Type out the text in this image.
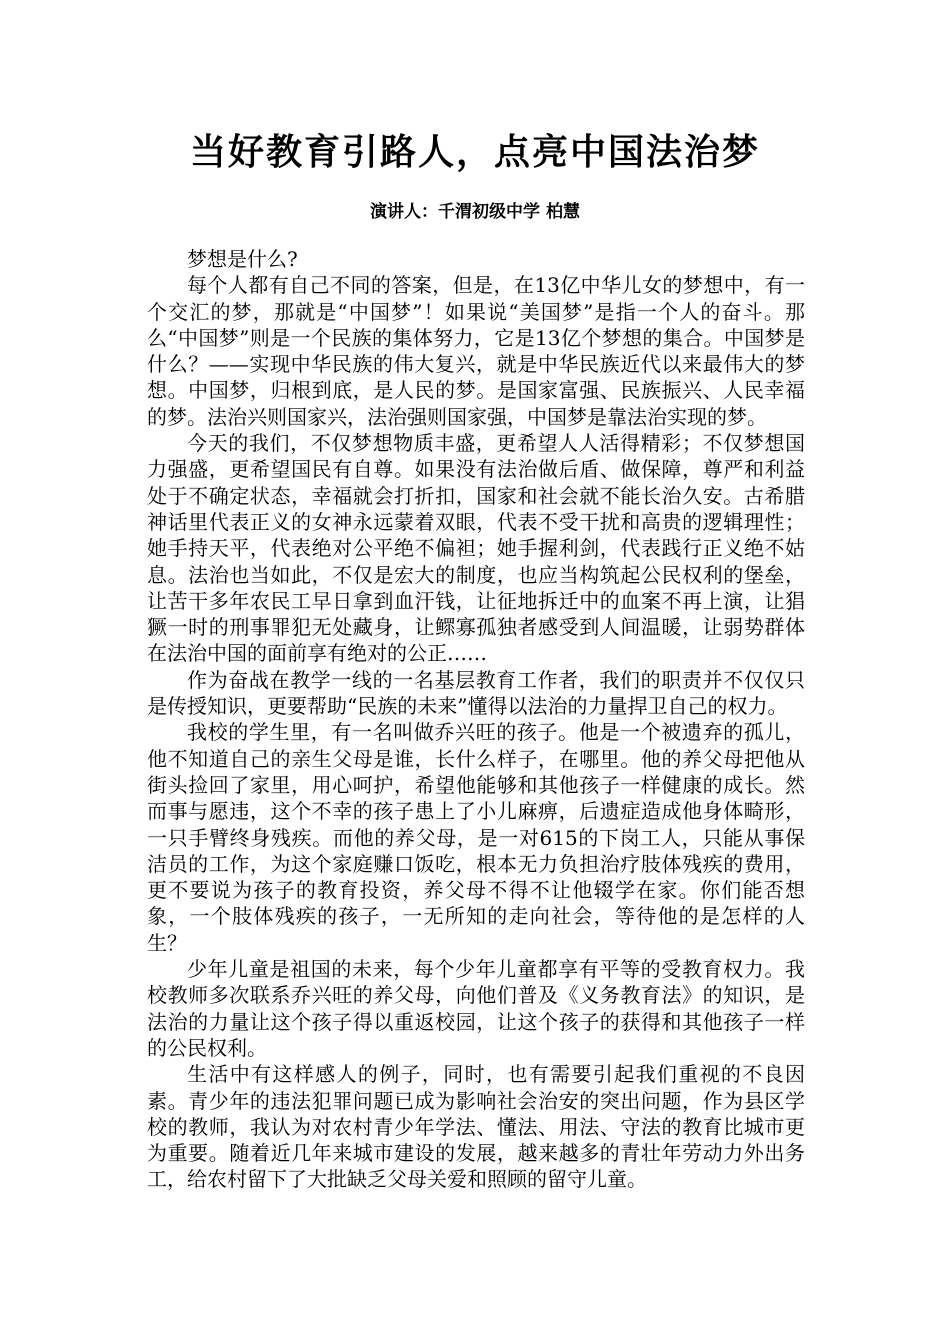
当好教育引路人，点亮中国法治梦

演讲人：千渭初级中学 柏慧

梦想是什么?

每个人都有自己不同的答案，但是，在13亿中华儿女的梦想中，有一个交汇的梦，那就是“中国梦”！如果说“美国梦”是指一个人的奋斗。那么“中国梦”则是一个民族的集体努力，它是13亿个梦想的集合。中国梦是什么？——实现中华民族的伟大复兴，就是中华民族近代以来最伟大的梦想。中国梦，归根到底，是人民的梦。是国家富强、民族振兴、人民幸福的梦。法治兴则国家兴，法治强则国家强，中国梦是靠法治实现的梦。

今天的我们，不仅梦想物质丰盛，更希望人人活得精彩；不仅梦想国力强盛，更希望国民有自尊。如果没有法治做后盾、做保障，尊严和利益处于不确定状态，幸福就会打折扣，国家和社会就不能长治久安。古希腊神话里代表正义的女神永远蒙着双眼，代表不受干扰和高贵的逻辑理性；她手持天平，代表绝对公平绝不偏袒；她手握利剑，代表践行正义绝不姑息。法治也当如此，不仅是宏大的制度，也应当构筑起公民权利的堡垒，让苦干多年农民工早日拿到血汗钱，让征地拆迁中的血案不再上演，让猖獗一时的刑事罪犯无处藏身，让鳏寡孤独者感受到人间温暖，让弱势群体在法治中国的面前享有绝对的公正……

作为奋战在教学一线的一名基层教育工作者，我们的职责并不仅仅只是传授知识，更要帮助“民族的未来”懂得以法治的力量捍卫自己的权力。

我校的学生里，有一名叫做乔兴旺的孩子。他是一个被遗弃的孤儿，他不知道自己的亲生父母是谁，长什么样子，在哪里。他的养父母把他从街头捡回了家里，用心呵护，希望他能够和其他孩子一样健康的成长。然而事与愿违，这个不幸的孩子患上了小儿麻痹，后遗症造成他身体畸形，一只手臂终身残疾。而他的养父母，是一对615的下岗工人，只能从事保洁员的工作，为这个家庭赚口饭吃，根本无力负担治疗肢体残疾的费用，更不要说为孩子的教育投资，养父母不得不让他辍学在家。你们能否想象，一个肢体残疾的孩子，一无所知的走向社会，等待他的是怎样的人生？

少年儿童是祖国的未来，每个少年儿童都享有平等的受教育权力。我校教师多次联系乔兴旺的养父母，向他们普及《义务教育法》的知识，是法治的力量让这个孩子得以重返校园，让这个孩子的获得和其他孩子一样的公民权利。

生活中有这样感人的例子，同时，也有需要引起我们重视的不良因素。青少年的违法犯罪问题已成为影响社会治安的突出问题，作为县区学校的教师，我认为对农村青少年学法、懂法、用法、守法的教育比城市更为重要。随着近几年来城市建设的发展，越来越多的青壮年劳动力外出务工，给农村留下了大批缺乏父母关爱和照顾的留守儿童。
